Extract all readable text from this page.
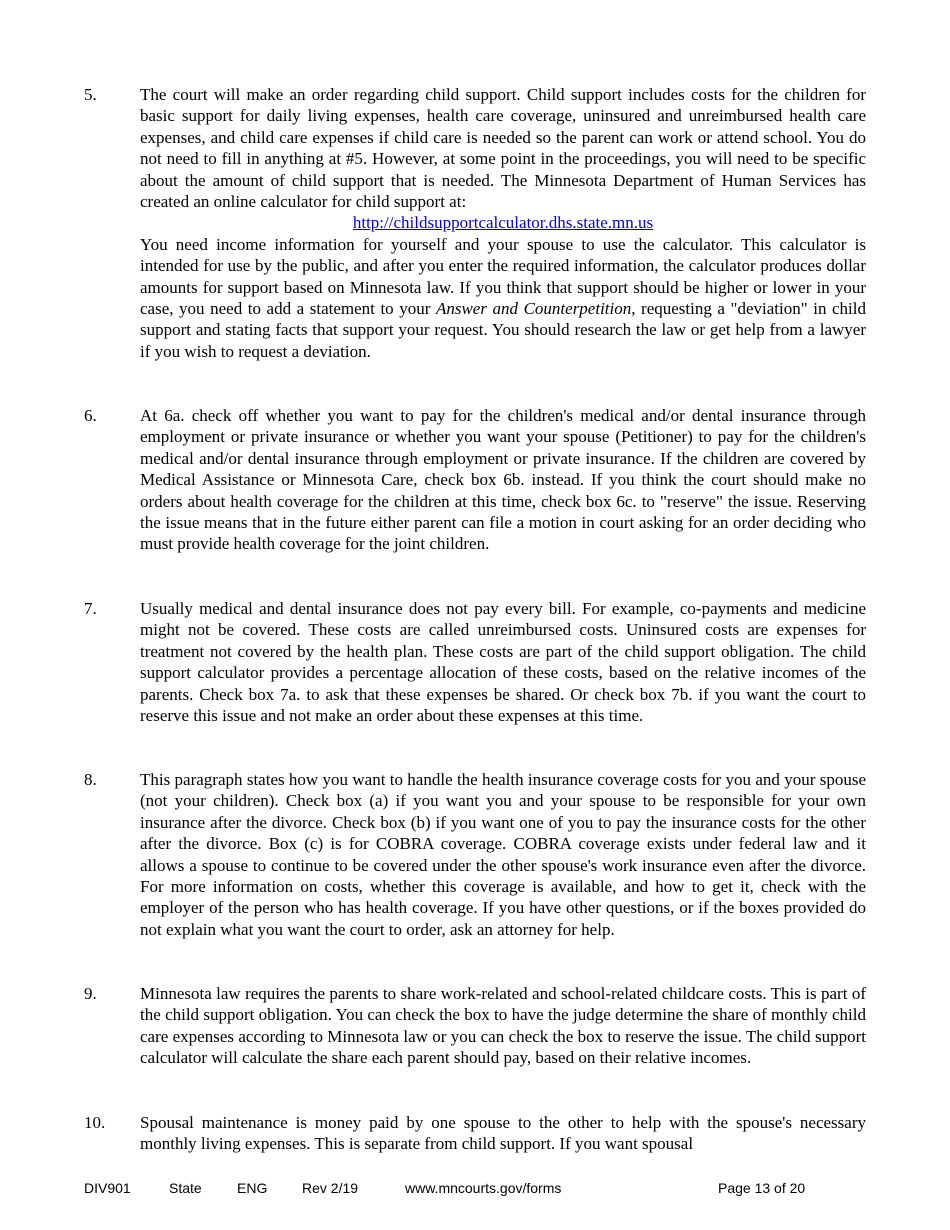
5.	The court will make an order regarding child support. Child support includes costs for the children for basic support for daily living expenses, health care coverage, uninsured and unreimbursed health care expenses, and child care expenses if child care is needed so the parent can work or attend school. You do not need to fill in anything at #5. However, at some point in the proceedings, you will need to be specific about the amount of child support that is needed. The Minnesota Department of Human Services has created an online calculator for child support at:

http://childsupportcalculator.dhs.state.mn.us

You need income information for yourself and your spouse to use the calculator. This calculator is intended for use by the public, and after you enter the required information, the calculator produces dollar amounts for support based on Minnesota law. If you think that support should be higher or lower in your case, you need to add a statement to your Answer and Counterpetition, requesting a "deviation" in child support and stating facts that support your request. You should research the law or get help from a lawyer if you wish to request a deviation.

6.	At 6a. check off whether you want to pay for the children's medical and/or dental insurance through employment or private insurance or whether you want your spouse (Petitioner) to pay for the children's medical and/or dental insurance through employment or private insurance. If the children are covered by Medical Assistance or Minnesota Care, check box 6b. instead. If you think the court should make no orders about health coverage for the children at this time, check box 6c. to "reserve" the issue. Reserving the issue means that in the future either parent can file a motion in court asking for an order deciding who must provide health coverage for the joint children.

7.	Usually medical and dental insurance does not pay every bill. For example, co-payments and medicine might not be covered. These costs are called unreimbursed costs. Uninsured costs are expenses for treatment not covered by the health plan. These costs are part of the child support obligation. The child support calculator provides a percentage allocation of these costs, based on the relative incomes of the parents. Check box 7a. to ask that these expenses be shared. Or check box 7b. if you want the court to reserve this issue and not make an order about these expenses at this time.

8.	This paragraph states how you want to handle the health insurance coverage costs for you and your spouse (not your children). Check box (a) if you want you and your spouse to be responsible for your own insurance after the divorce. Check box (b) if you want one of you to pay the insurance costs for the other after the divorce. Box (c) is for COBRA coverage. COBRA coverage exists under federal law and it allows a spouse to continue to be covered under the other spouse's work insurance even after the divorce. For more information on costs, whether this coverage is available, and how to get it, check with the employer of the person who has health coverage. If you have other questions, or if the boxes provided do not explain what you want the court to order, ask an attorney for help.

9.	Minnesota law requires the parents to share work-related and school-related childcare costs. This is part of the child support obligation. You can check the box to have the judge determine the share of monthly child care expenses according to Minnesota law or you can check the box to reserve the issue. The child support calculator will calculate the share each parent should pay, based on their relative incomes.

10. Spousal maintenance is money paid by one spouse to the other to help with the spouse's necessary monthly living expenses. This is separate from child support. If you want spousal

DIV901	State	ENG Rev 2/19	www.mncourts.gov/forms	Page 13 of 20
